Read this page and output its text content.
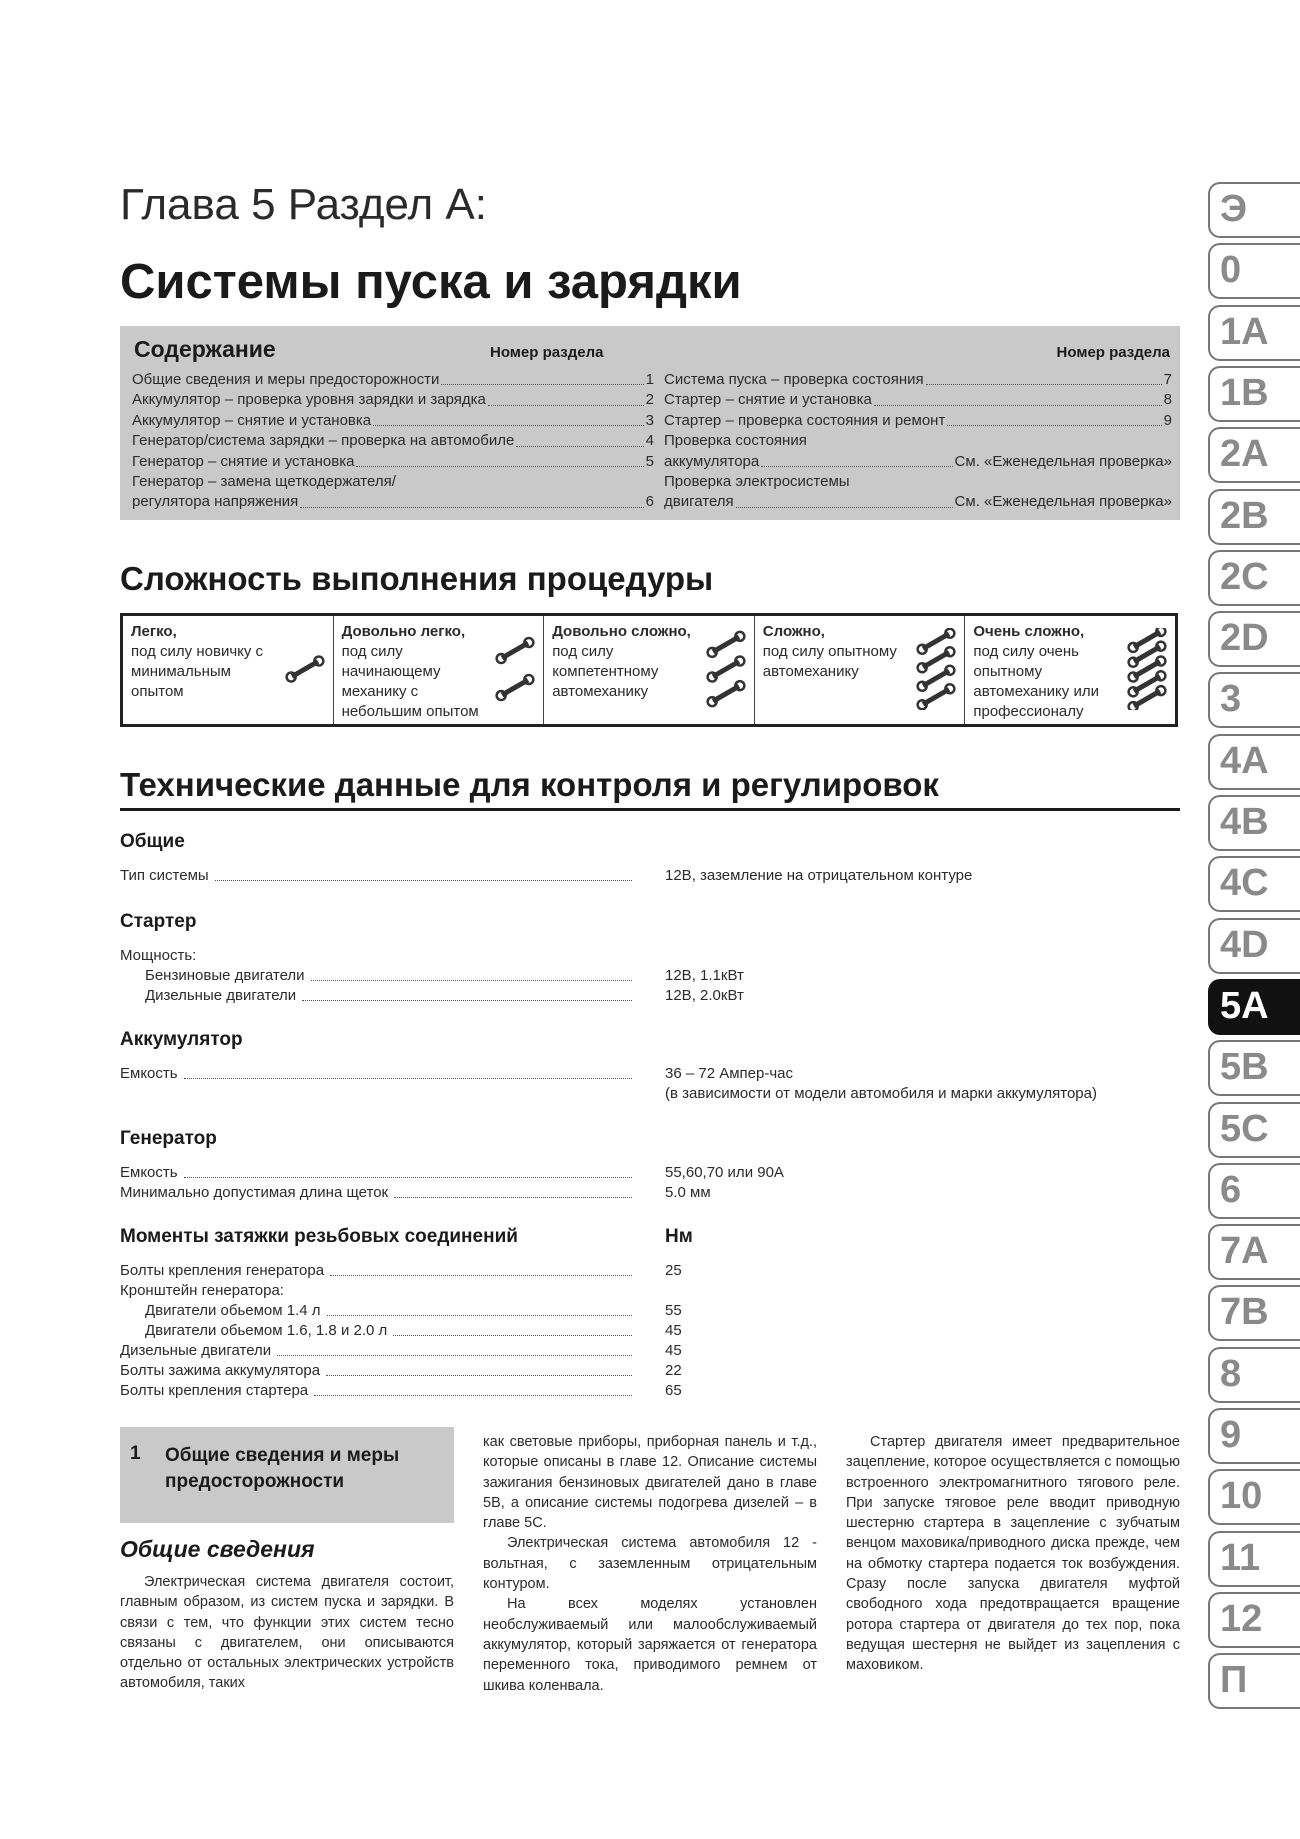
Глава 5 Раздел А:
Системы пуска и зарядки
Содержание	Номер раздела	Номер раздела
Общие сведения и меры предосторожности	1
Аккумулятор – проверка уровня зарядки и зарядка	2
Аккумулятор – снятие и установка	3
Генератор/система зарядки – проверка на автомобиле	4
Генератор – снятие и установка	5
Генератор – замена щеткодержателя/
регулятора напряжения	6
Система пуска – проверка состояния	7
Стартер – снятие и установка	8
Стартер – проверка состояния и ремонт	9
Проверка состояния
аккумулятора	См. «Еженедельная проверка»
Проверка электросистемы
двигателя	См. «Еженедельная проверка»
Сложность выполнения процедуры
Легко,
под силу новичку с минимальным опытом
Довольно легко,
под силу начинающему механику с небольшим опытом
Довольно сложно,
под силу компетентному автомеханику
Сложно,
под силу опытному автомеханику
Очень сложно,
под силу очень опытному автомеханику или профессионалу
Технические данные для контроля и регулировок
Общие
Тип системы	12В, заземление на отрицательном контуре
Стартер
Мощность:
Бензиновые двигатели	12В, 1.1кВт
Дизельные двигатели	12В, 2.0кВт
Аккумулятор
Емкость	36 – 72 Ампер-час
(в зависимости от модели автомобиля и марки аккумулятора)
Генератор
Емкость	55,60,70 или 90А
Минимально допустимая длина щеток	5.0 мм
Моменты затяжки резьбовых соединений	Нм
Болты крепления генератора	25
Кронштейн генератора:
Двигатели обьемом 1.4 л	55
Двигатели обьемом 1.6, 1.8 и 2.0 л	45
Дизельные двигатели	45
Болты зажима аккумулятора	22
Болты крепления стартера	65
1 Общие сведения и меры предосторожности
Общие сведения

Электрическая система двигателя состоит, главным образом, из систем пуска и зарядки. В связи с тем, что функции этих систем тесно связаны с двигателем, они описываются отдельно от остальных электрических устройств автомобиля, таких

как световые приборы, приборная панель и т.д., которые описаны в главе 12. Описание системы зажигания бензиновых двигателей дано в главе 5В, а описание системы подогрева дизелей – в главе 5С.

Электрическая система автомобиля 12 - вольтная, с заземленным отрицательным контуром.

На всех моделях установлен необслуживаемый или малообслуживаемый аккумулятор, который заряжается от генератора переменного тока, приводимого ремнем от шкива коленвала.

Стартер двигателя имеет предварительное зацепление, которое осуществляется с помощью встроенного электромагнитного тягового реле. При запуске тяговое реле вводит приводную шестерню стартера в зацепление с зубчатым венцом маховика/приводного диска прежде, чем на обмотку стартера подается ток возбуждения. Сразу после запуска двигателя муфтой свободного хода предотвращается вращение ротора стартера от двигателя до тех пор, пока ведущая шестерня не выйдет из зацепления с маховиком.

Э
0
1A
1B
2A
2B
2C
2D
3
4A
4B
4C
4D
5A
5B
5C
6
7A
7B
8
9
10
11
12
П
